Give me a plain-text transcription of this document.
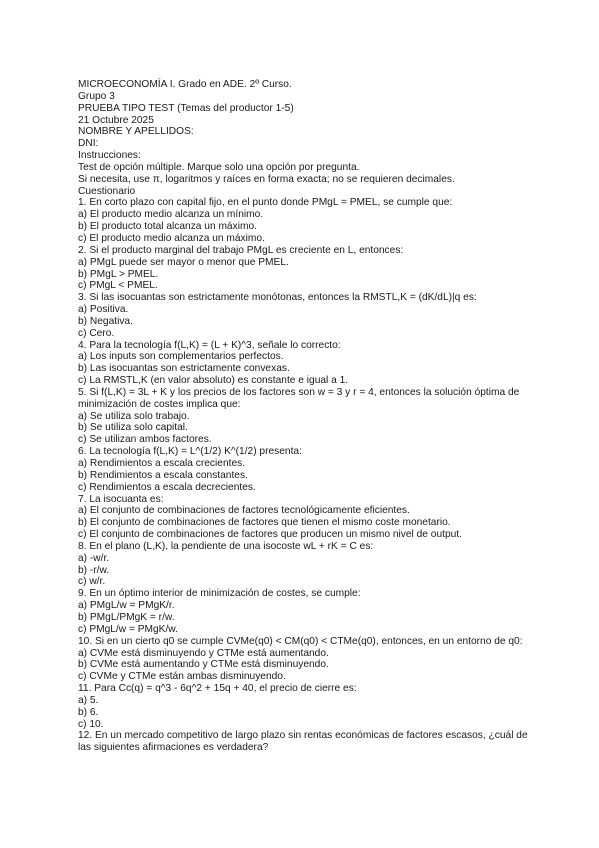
MICROECONOMÍA I. Grado en ADE. 2º Curso.
Grupo 3
PRUEBA TIPO TEST (Temas del productor 1-5)
21 Octubre 2025
NOMBRE Y APELLIDOS:
DNI:
Instrucciones:
Test de opción múltiple. Marque solo una opción por pregunta.
Si necesita, use π, logaritmos y raíces en forma exacta; no se requieren decimales.
Cuestionario
1. En corto plazo con capital fijo, en el punto donde PMgL = PMEL, se cumple que:
a) El producto medio alcanza un mínimo.
b) El producto total alcanza un máximo.
c) El producto medio alcanza un máximo.
2. Si el producto marginal del trabajo PMgL es creciente en L, entonces:
a) PMgL puede ser mayor o menor que PMEL.
b) PMgL > PMEL.
c) PMgL < PMEL.
3. Si las isocuantas son estrictamente monótonas, entonces la RMSTL,K = (dK/dL)|q es:
a) Positiva.
b) Negativa.
c) Cero.
4. Para la tecnología f(L,K) = (L + K)^3, señale lo correcto:
a) Los inputs son complementarios perfectos.
b) Las isocuantas son estrictamente convexas.
c) La RMSTL,K (en valor absoluto) es constante e igual a 1.
5. Si f(L,K) = 3L + K y los precios de los factores son w = 3 y r = 4, entonces la solución óptima de minimización de costes implica que:
a) Se utiliza solo trabajo.
b) Se utiliza solo capital.
c) Se utilizan ambos factores.
6. La tecnología f(L,K) = L^(1/2) K^(1/2) presenta:
a) Rendimientos a escala crecientes.
b) Rendimientos a escala constantes.
c) Rendimientos a escala decrecientes.
7. La isocuanta es:
a) El conjunto de combinaciones de factores tecnológicamente eficientes.
b) El conjunto de combinaciones de factores que tienen el mismo coste monetario.
c) El conjunto de combinaciones de factores que producen un mismo nivel de output.
8. En el plano (L,K), la pendiente de una isocoste wL + rK = C es:
a) -w/r.
b) -r/w.
c) w/r.
9. En un óptimo interior de minimización de costes, se cumple:
a) PMgL/w = PMgK/r.
b) PMgL/PMgK = r/w.
c) PMgL/w = PMgK/w.
10. Si en un cierto q0 se cumple CVMe(q0) < CM(q0) < CTMe(q0), entonces, en un entorno de q0:
a) CVMe está disminuyendo y CTMe está aumentando.
b) CVMe está aumentando y CTMe está disminuyendo.
c) CVMe y CTMe están ambas disminuyendo.
11. Para Cc(q) = q^3 - 6q^2 + 15q + 40, el precio de cierre es:
a) 5.
b) 6.
c) 10.
12. En un mercado competitivo de largo plazo sin rentas económicas de factores escasos, ¿cuál de las siguientes afirmaciones es verdadera?
